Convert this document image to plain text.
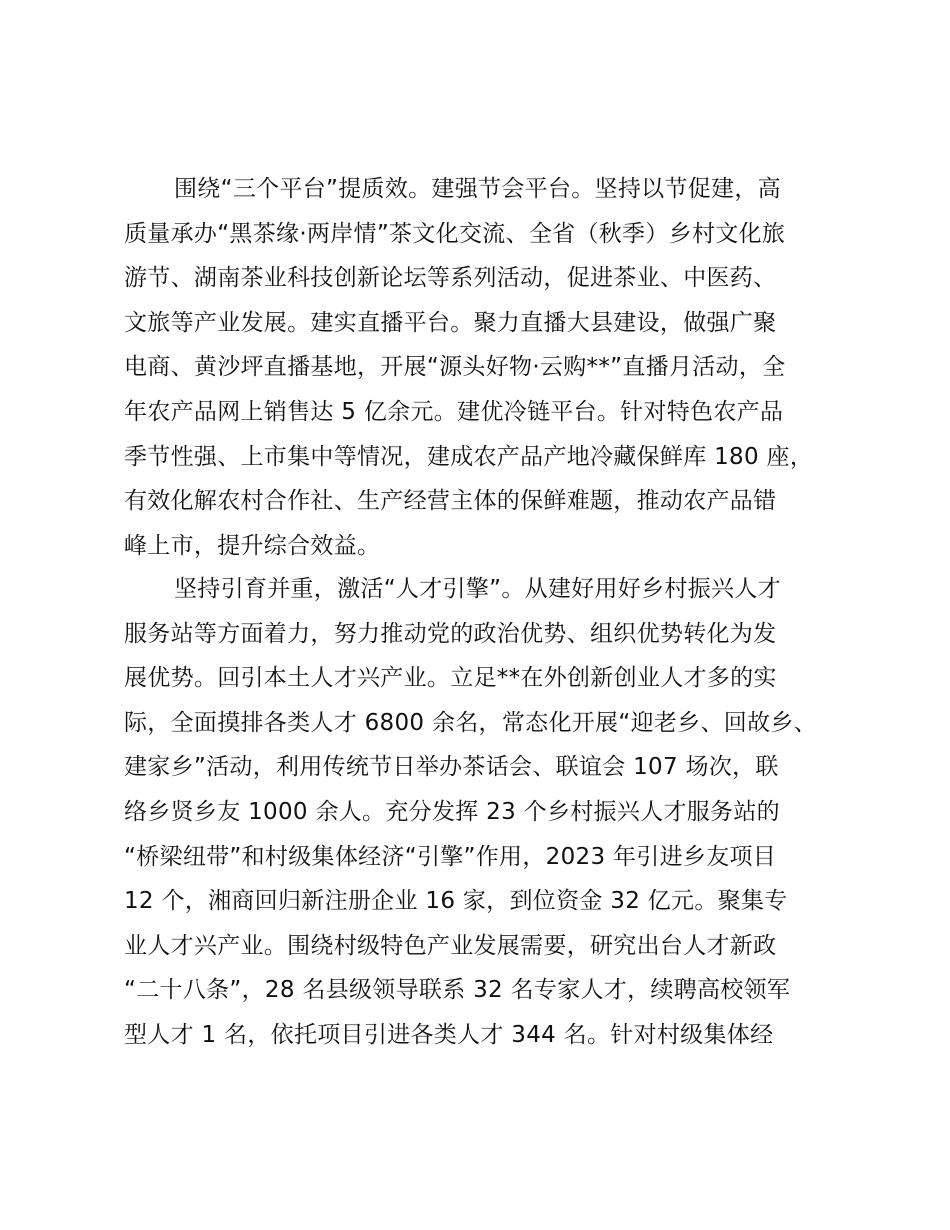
围绕“三个平台”提质效。建强节会平台。坚持以节促建，高
质量承办“黑茶缘·两岸情”茶文化交流、全省（秋季）乡村文化旅
游节、湖南茶业科技创新论坛等系列活动，促进茶业、中医药、
文旅等产业发展。建实直播平台。聚力直播大县建设，做强广聚
电商、黄沙坪直播基地，开展“源头好物·云购**”直播月活动，全
年农产品网上销售达 5 亿余元。建优冷链平台。针对特色农产品
季节性强、上市集中等情况，建成农产品产地冷藏保鲜库 180 座，
有效化解农村合作社、生产经营主体的保鲜难题，推动农产品错
峰上市，提升综合效益。
坚持引育并重，激活“人才引擎”。从建好用好乡村振兴人才
服务站等方面着力，努力推动党的政治优势、组织优势转化为发
展优势。回引本土人才兴产业。立足**在外创新创业人才多的实
际，全面摸排各类人才 6800 余名，常态化开展“迎老乡、回故乡、
建家乡”活动，利用传统节日举办茶话会、联谊会 107 场次，联
络乡贤乡友 1000 余人。充分发挥 23 个乡村振兴人才服务站的
“桥梁纽带”和村级集体经济“引擎”作用，2023 年引进乡友项目
12 个，湘商回归新注册企业 16 家，到位资金 32 亿元。聚集专
业人才兴产业。围绕村级特色产业发展需要，研究出台人才新政
“二十八条”，28 名县级领导联系 32 名专家人才，续聘高校领军
型人才 1 名，依托项目引进各类人才 344 名。针对村级集体经
